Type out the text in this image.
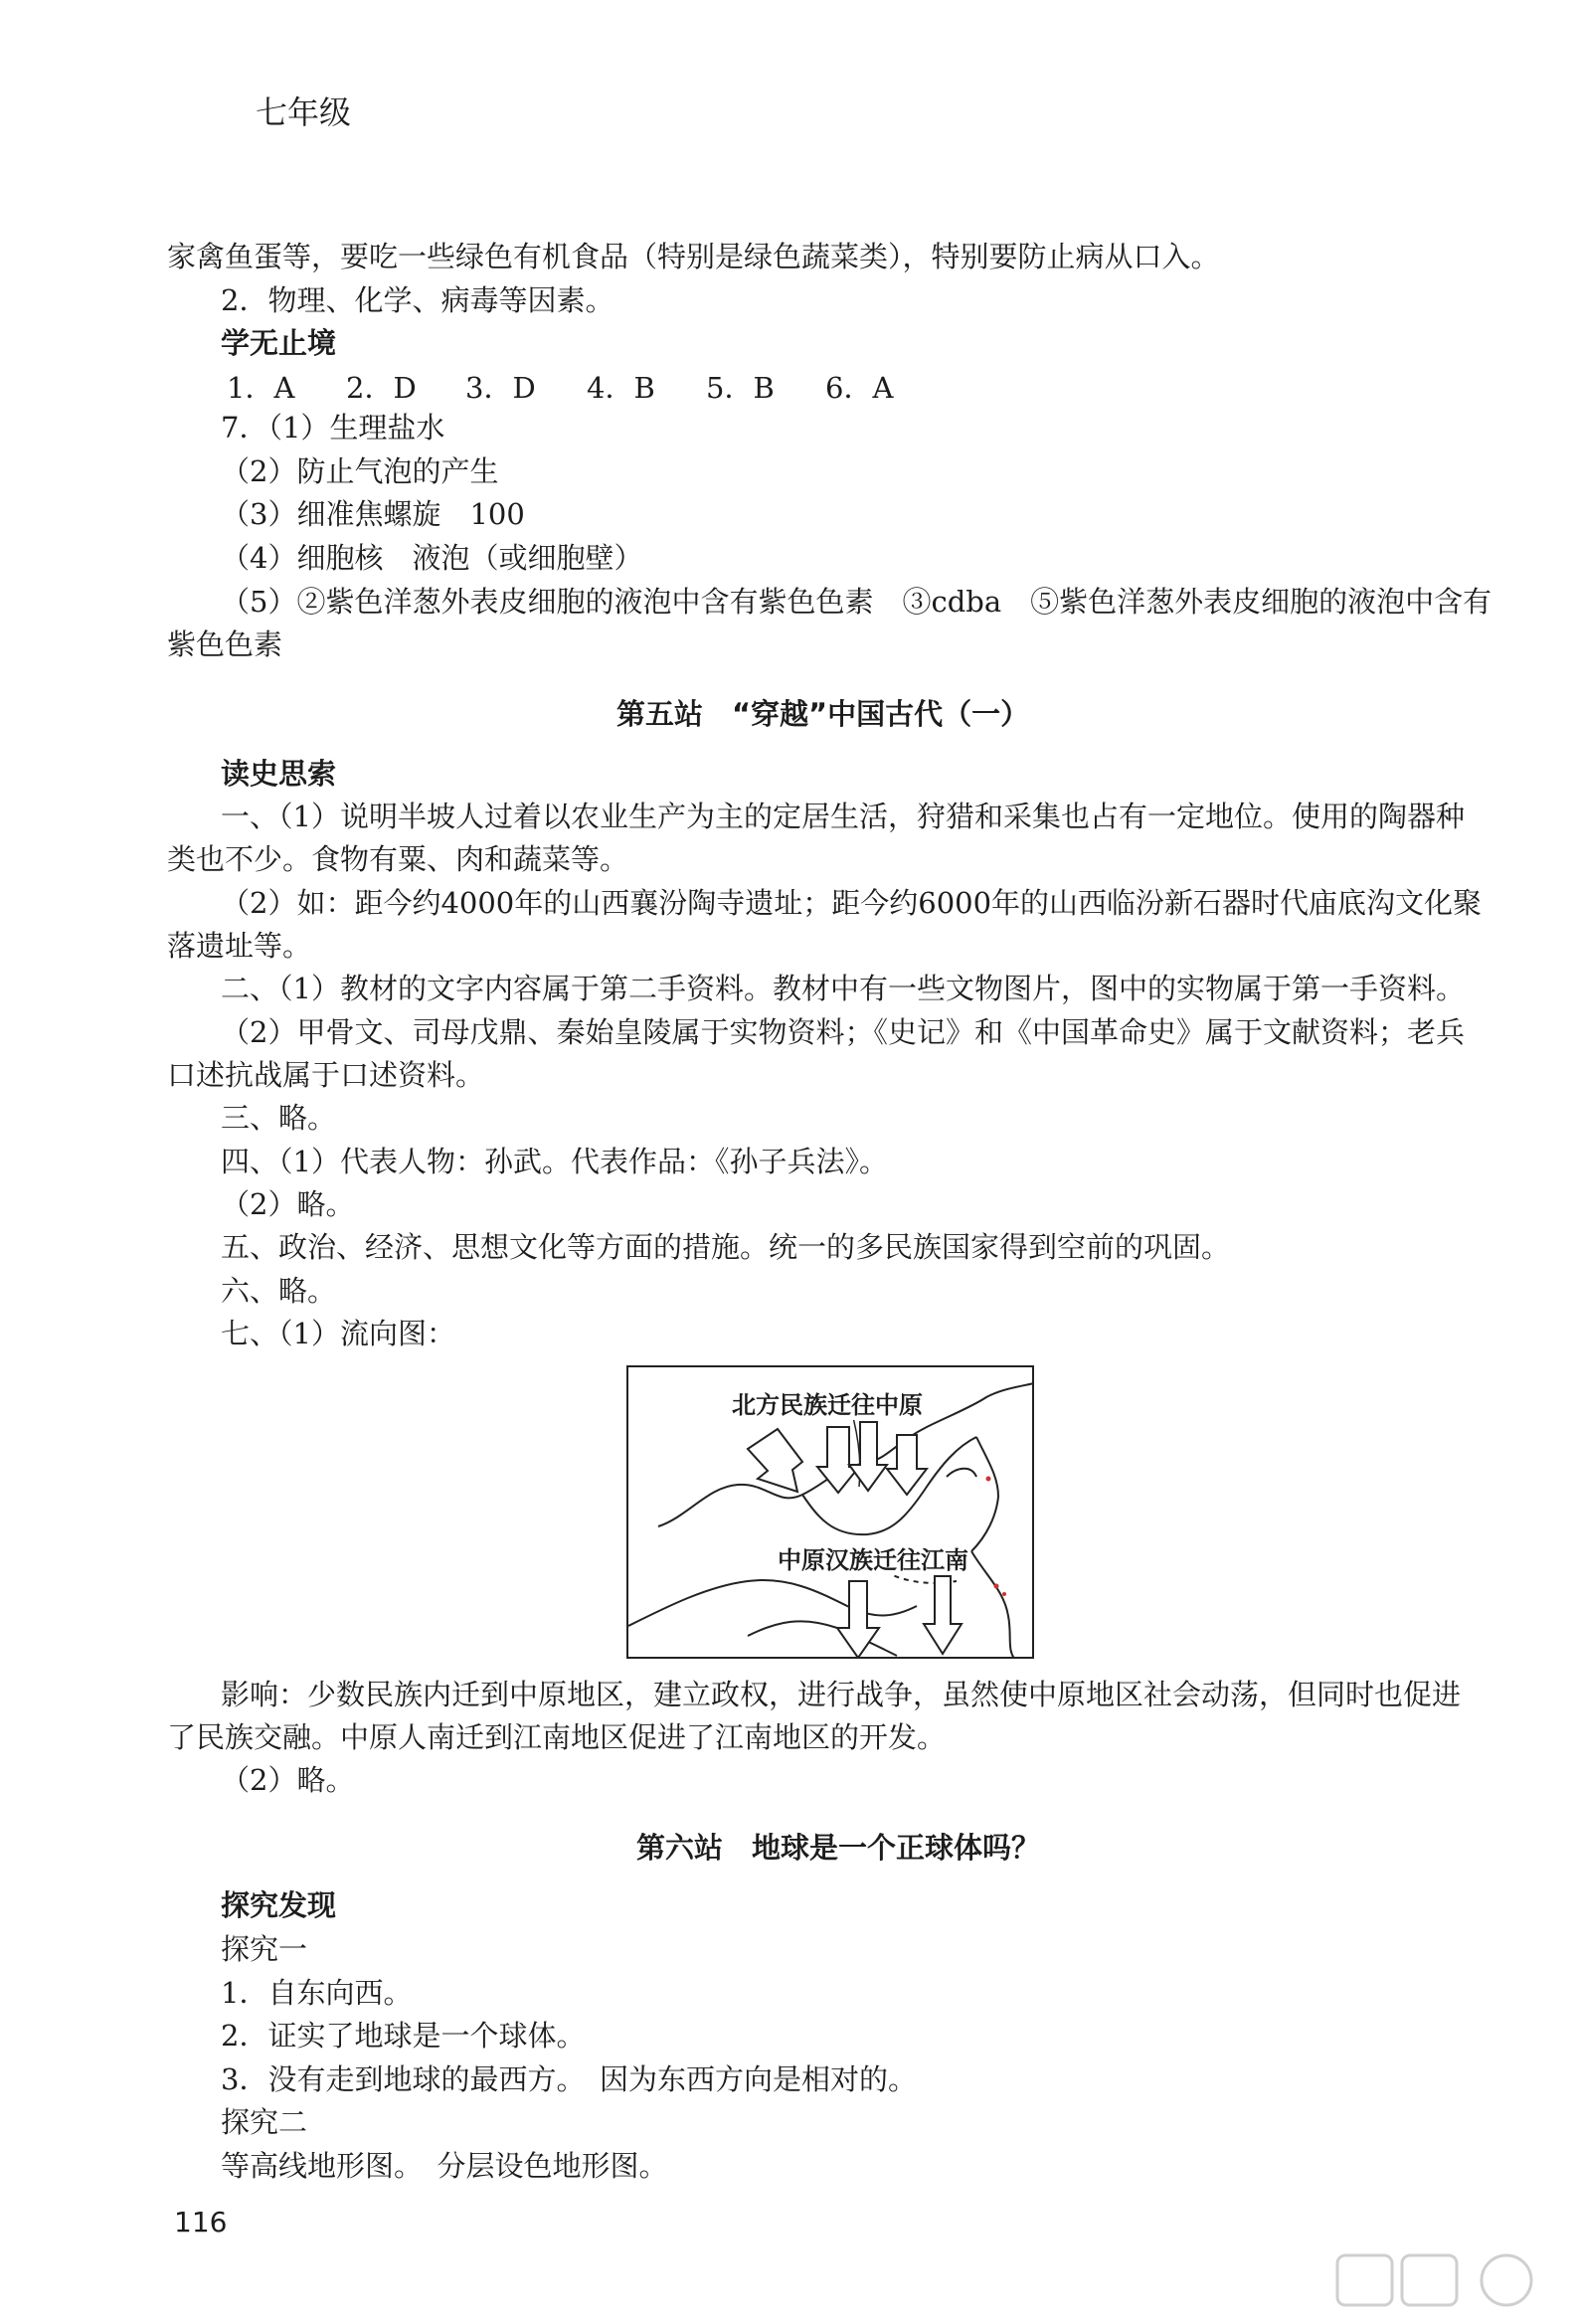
七年级
家禽鱼蛋等，要吃一些绿色有机食品（特别是绿色蔬菜类），特别要防止病从口入。
2．物理、化学、病毒等因素。
学无止境
1．A 2．D 3．D 4．B 5．B 6．A
7．（1）生理盐水
（2）防止气泡的产生
（3）细准焦螺旋　100
（4）细胞核　液泡（或细胞壁）
（5）②紫色洋葱外表皮细胞的液泡中含有紫色色素　③cdba　⑤紫色洋葱外表皮细胞的液泡中含有
紫色色素
第五站　“穿越”中国古代（一）
读史思索
一、（1）说明半坡人过着以农业生产为主的定居生活，狩猎和采集也占有一定地位。使用的陶器种
类也不少。食物有粟、肉和蔬菜等。
（2）如：距今约4000年的山西襄汾陶寺遗址；距今约6000年的山西临汾新石器时代庙底沟文化聚
落遗址等。
二、（1）教材的文字内容属于第二手资料。教材中有一些文物图片，图中的实物属于第一手资料。
（2）甲骨文、司母戊鼎、秦始皇陵属于实物资料；《史记》和《中国革命史》属于文献资料；老兵
口述抗战属于口述资料。
三、略。
四、（1）代表人物：孙武。代表作品：《孙子兵法》。
（2）略。
五、政治、经济、思想文化等方面的措施。统一的多民族国家得到空前的巩固。
六、略。
七、（1）流向图：
北方民族迁往中原
中原汉族迁往江南
影响：少数民族内迁到中原地区，建立政权，进行战争，虽然使中原地区社会动荡，但同时也促进
了民族交融。中原人南迁到江南地区促进了江南地区的开发。
（2）略。
第六站　地球是一个正球体吗？
探究发现
探究一
1．自东向西。
2．证实了地球是一个球体。
3．没有走到地球的最西方。　因为东西方向是相对的。
探究二
等高线地形图。　分层设色地形图。
116
